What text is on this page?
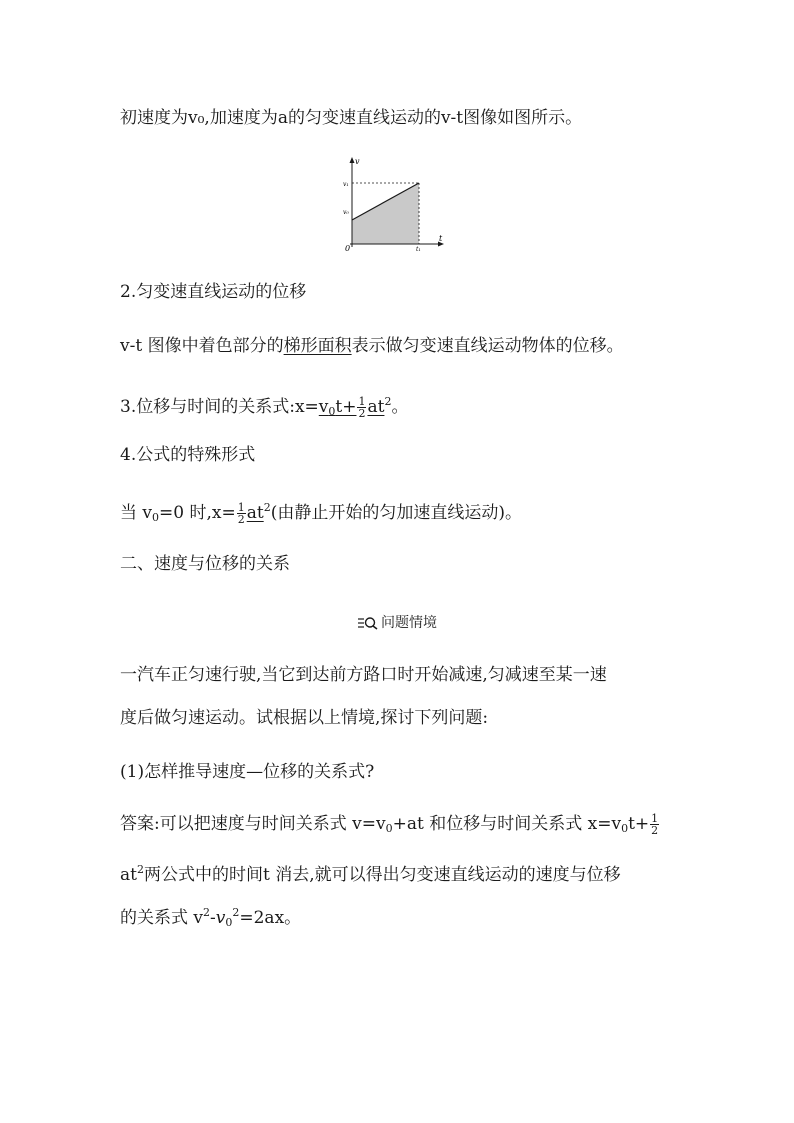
初速度为v₀,加速度为a的匀变速直线运动的v-t图像如图所示。
v
t
0
v₁
v₀
t₁
2.匀变速直线运动的位移
v-t 图像中着色部分的梯形面积表示做匀变速直线运动物体的位移。
3.位移与时间的关系式$:x=v_0t+ \frac{1}{2} at^2$。
4.公式的特殊形式
当 $v_0=0$ 时$,x= \frac{1}{2} at^2$(由静止开始的匀加速直线运动)。
二、速度与位移的关系
问题情境
一汽车正匀速行驶,当它到达前方路口时开始减速,匀减速至某一速
度后做匀速运动。试根据以上情境,探讨下列问题:
(1)怎样推导速度—位移的关系式?
答案:可以把速度与时间关系式 $v=v_0+at$ 和位移与时间关系式 $x=v_0t+ \frac{1}{2}$
$at^2$两公式中的时间t 消去,就可以得出匀变速直线运动的速度与位移
的关系式 $v^2-v_0^2=2ax$。
